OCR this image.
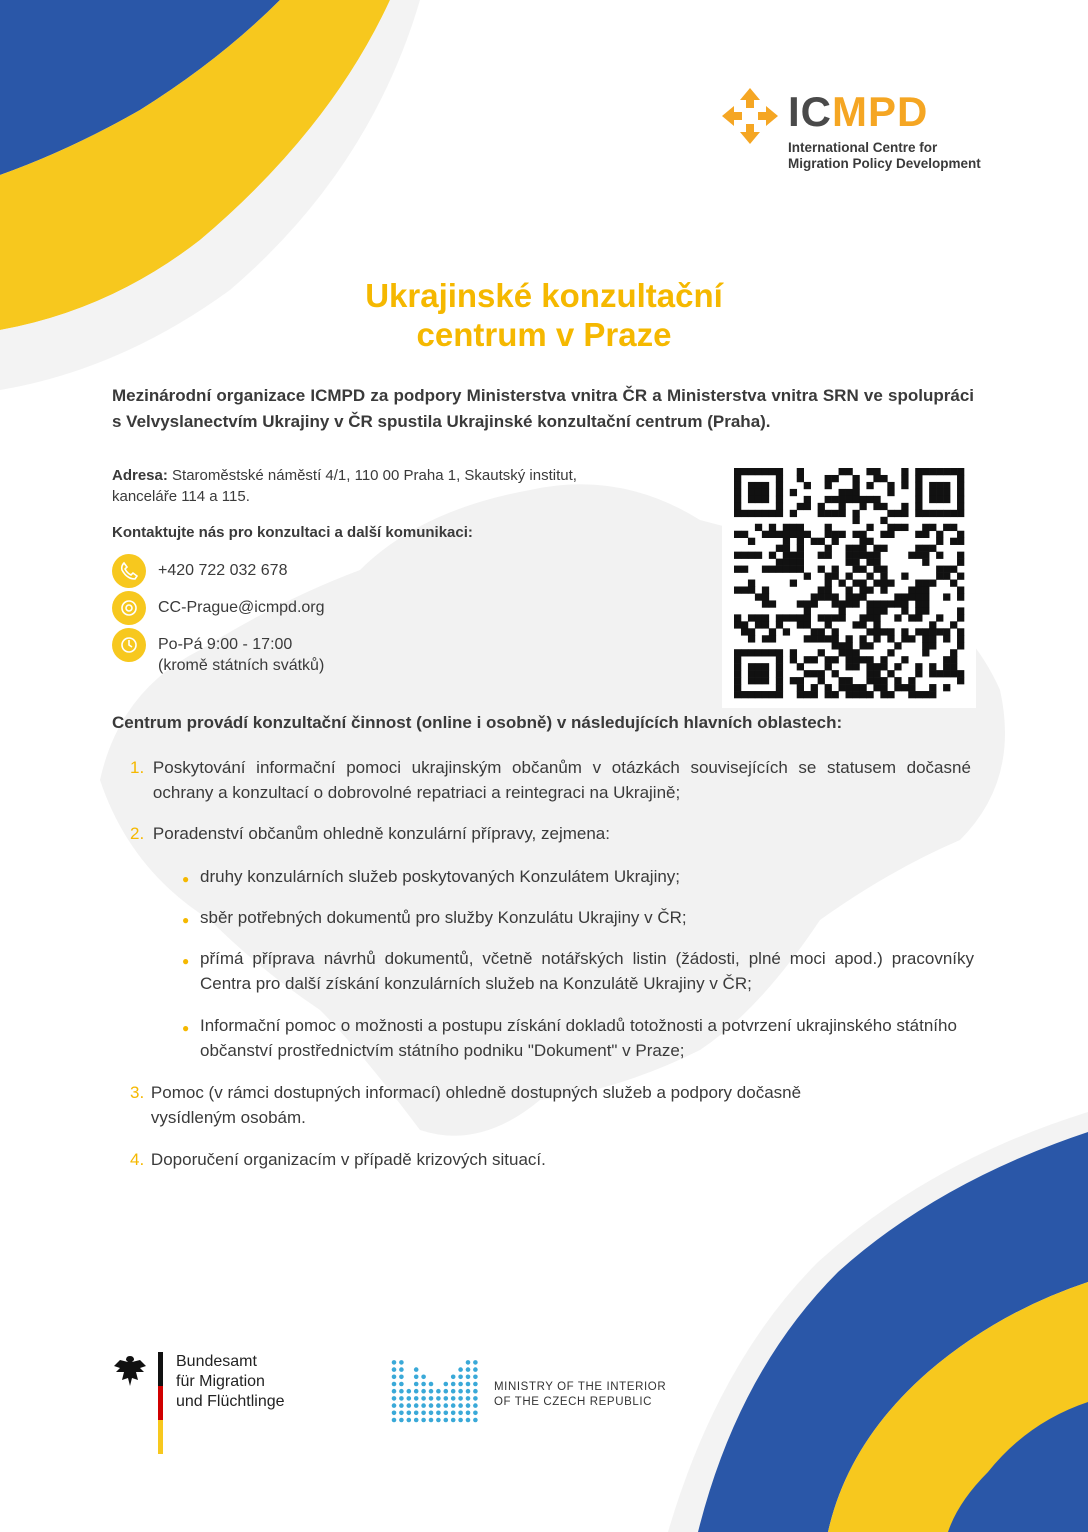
ICMPD
International Centre for
Migration Policy Development
Ukrajinské konzultační
centrum v Praze
Mezinárodní organizace ICMPD za podpory Ministerstva vnitra ČR a Ministerstva vnitra SRN ve spolupráci s Velvyslanectvím Ukrajiny v ČR spustila Ukrajinské konzultační centrum (Praha).
Adresa: Staroměstské náměstí 4/1, 110 00 Praha 1, Skautský institut,
kanceláře 114 a 115.
Kontaktujte nás pro konzultaci a další komunikaci:
+420 722 032 678
CC-Prague@icmpd.org
Po-Pá 9:00 - 17:00
(kromě státních svátků)
Centrum provádí konzultační činnost (online i osobně) v následujících hlavních oblastech:
1. Poskytování informační pomoci ukrajinským občanům v otázkách souvisejících se statusem dočasné ochrany a konzultací o dobrovolné repatriaci a reintegraci na Ukrajině;
2. Poradenství občanům ohledně konzulární přípravy, zejmena:
● druhy konzulárních služeb poskytovaných Konzulátem Ukrajiny;
● sběr potřebných dokumentů pro služby Konzulátu Ukrajiny v ČR;
● přímá příprava návrhů dokumentů, včetně notářských listin (žádosti, plné moci apod.) pracovníky Centra pro další získání konzulárních služeb na Konzulátě Ukrajiny v ČR;
● Informační pomoc o možnosti a postupu získání dokladů totožnosti a potvrzení ukrajinského státního občanství prostřednictvím státního podniku "Dokument" v Praze;
3. Pomoc (v rámci dostupných informací) ohledně dostupných služeb a podpory dočasně vysídleným osobám.
4. Doporučení organizacím v případě krizových situací.
Bundesamt
für Migration
und Flüchtlinge
MINISTRY OF THE INTERIOR
OF THE CZECH REPUBLIC
